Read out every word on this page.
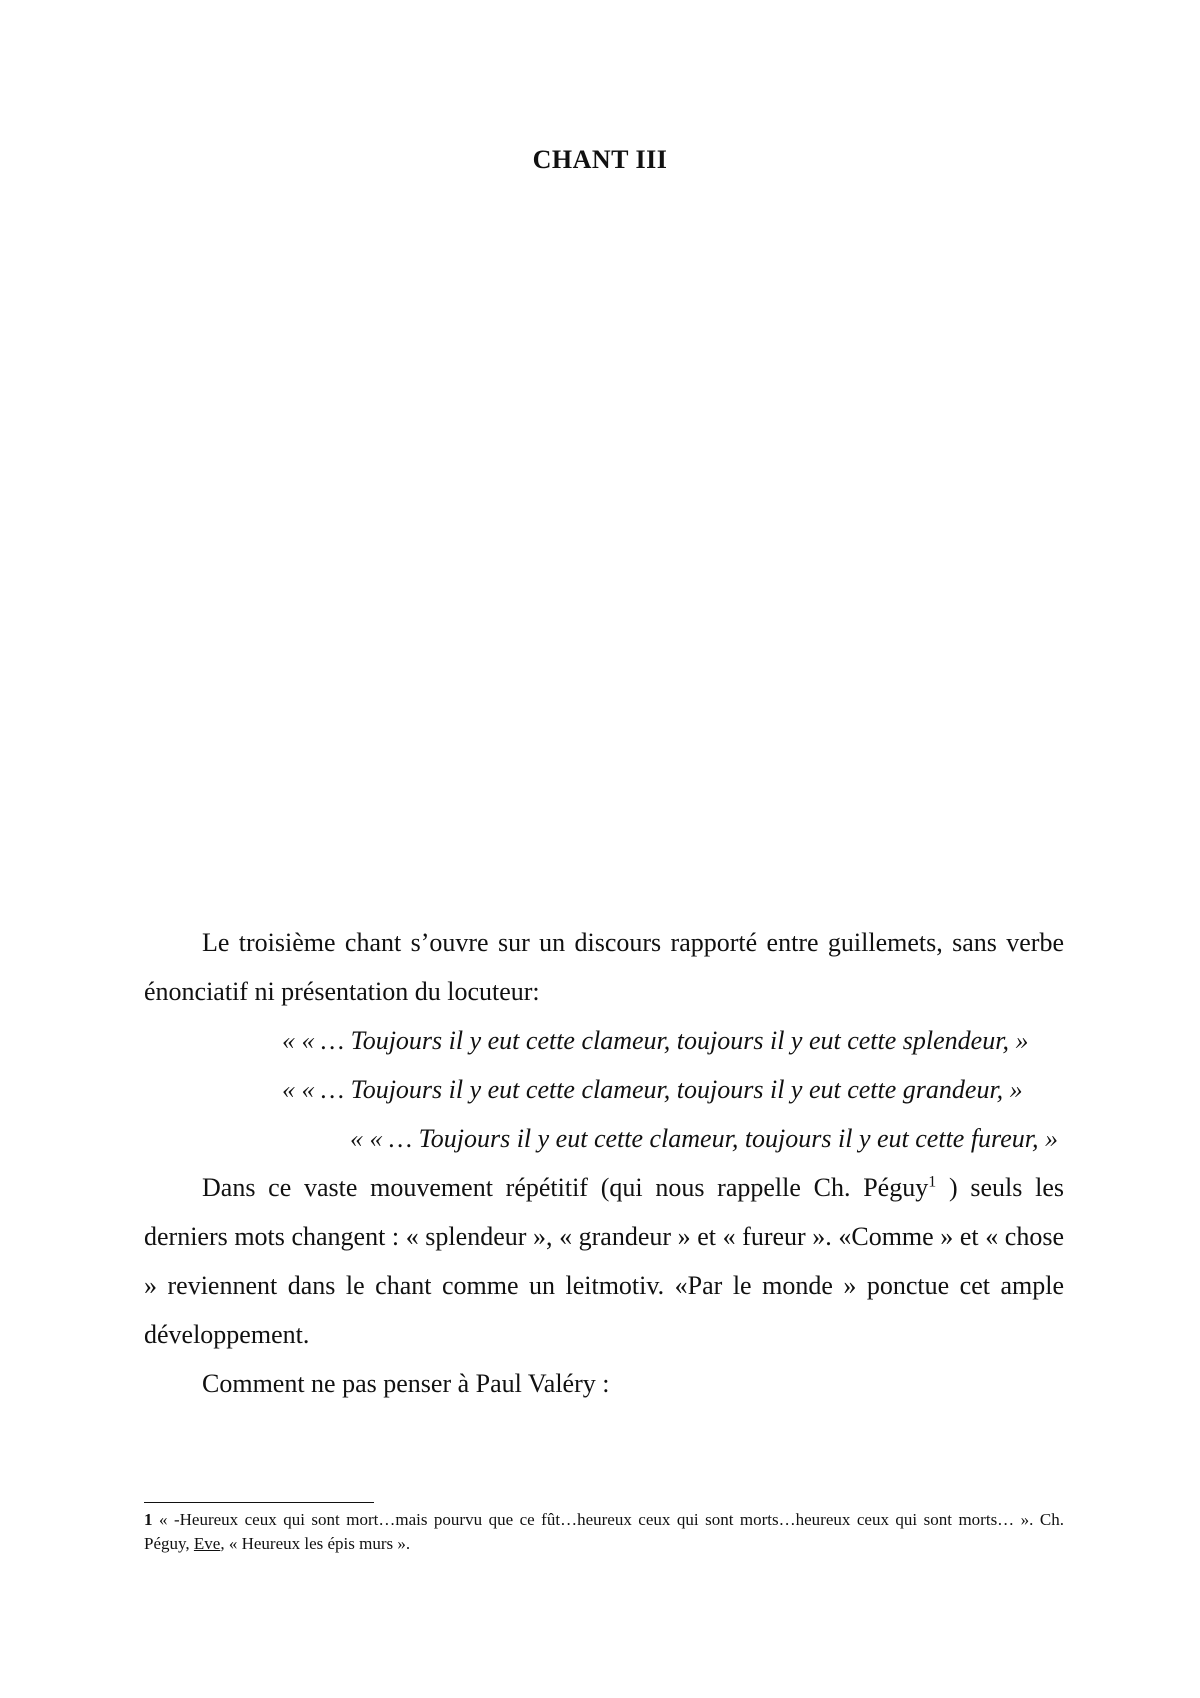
CHANT III

Le troisième chant s’ouvre sur un discours rapporté entre guillemets, sans verbe énonciatif ni présentation du locuteur:

« « … Toujours il y eut cette clameur, toujours il y eut cette splendeur, »

« « … Toujours il y eut cette clameur, toujours il y eut cette grandeur, »

« « … Toujours il y eut cette clameur, toujours il y eut cette fureur, »

Dans ce vaste mouvement répétitif (qui nous rappelle Ch. Péguy$^1$ ) seuls les derniers mots changent : « splendeur », « grandeur » et « fureur ». «Comme » et « chose » reviennent dans le chant comme un leitmotiv. «Par le monde » ponctue cet ample développement.

Comment ne pas penser à Paul Valéry :

1 « -Heureux ceux qui sont mort…mais pourvu que ce fût…heureux ceux qui sont morts…heureux ceux qui sont morts… ». Ch. Péguy, Eve, « Heureux les épis murs ».
